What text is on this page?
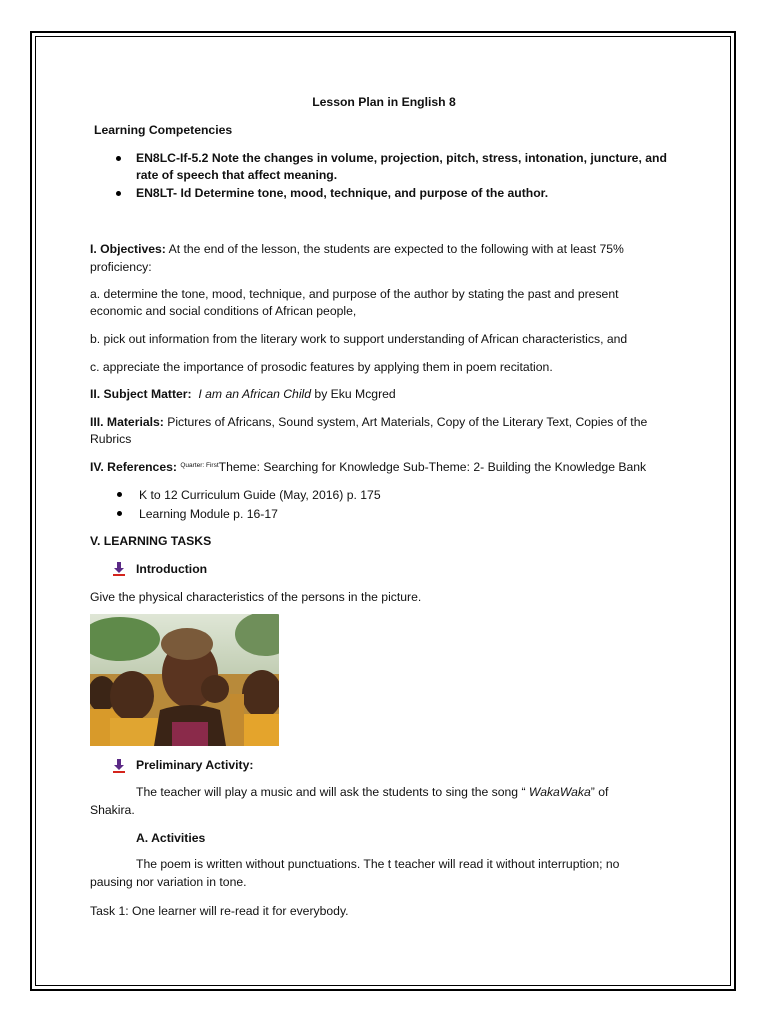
Lesson Plan in English 8
Learning Competencies
EN8LC-If-5.2 Note the changes in volume, projection, pitch, stress, intonation, juncture, and
rate of speech that affect meaning.
EN8LT- Id Determine tone, mood, technique, and purpose of the author.
I. Objectives: At the end of the lesson, the students are expected to the following with at least 75%
proficiency:
a. determine the tone, mood, technique, and purpose of the author by stating the past and present
economic and social conditions of African people,
b. pick out information from the literary work to support understanding of African characteristics, and
c. appreciate the importance of prosodic features by applying them in poem recitation.
II. Subject Matter: I am an African Child by Eku Mcgred
III. Materials: Pictures of Africans, Sound system, Art Materials, Copy of the Literary Text, Copies of the
Rubrics
IV. References: $^{Quarter: First}$Theme: Searching for Knowledge Sub-Theme: 2- Building the Knowledge Bank
K to 12 Curriculum Guide (May, 2016) p. 175
Learning Module p. 16-17
V. LEARNING TASKS
Introduction
Give the physical characteristics of the persons in the picture.
Preliminary Activity:
The teacher will play a music and will ask the students to sing the song “ WakaWaka” of
Shakira.
A. Activities
The poem is written without punctuations. The t teacher will read it without interruption; no
pausing nor variation in tone.
Task 1: One learner will re-read it for everybody.
